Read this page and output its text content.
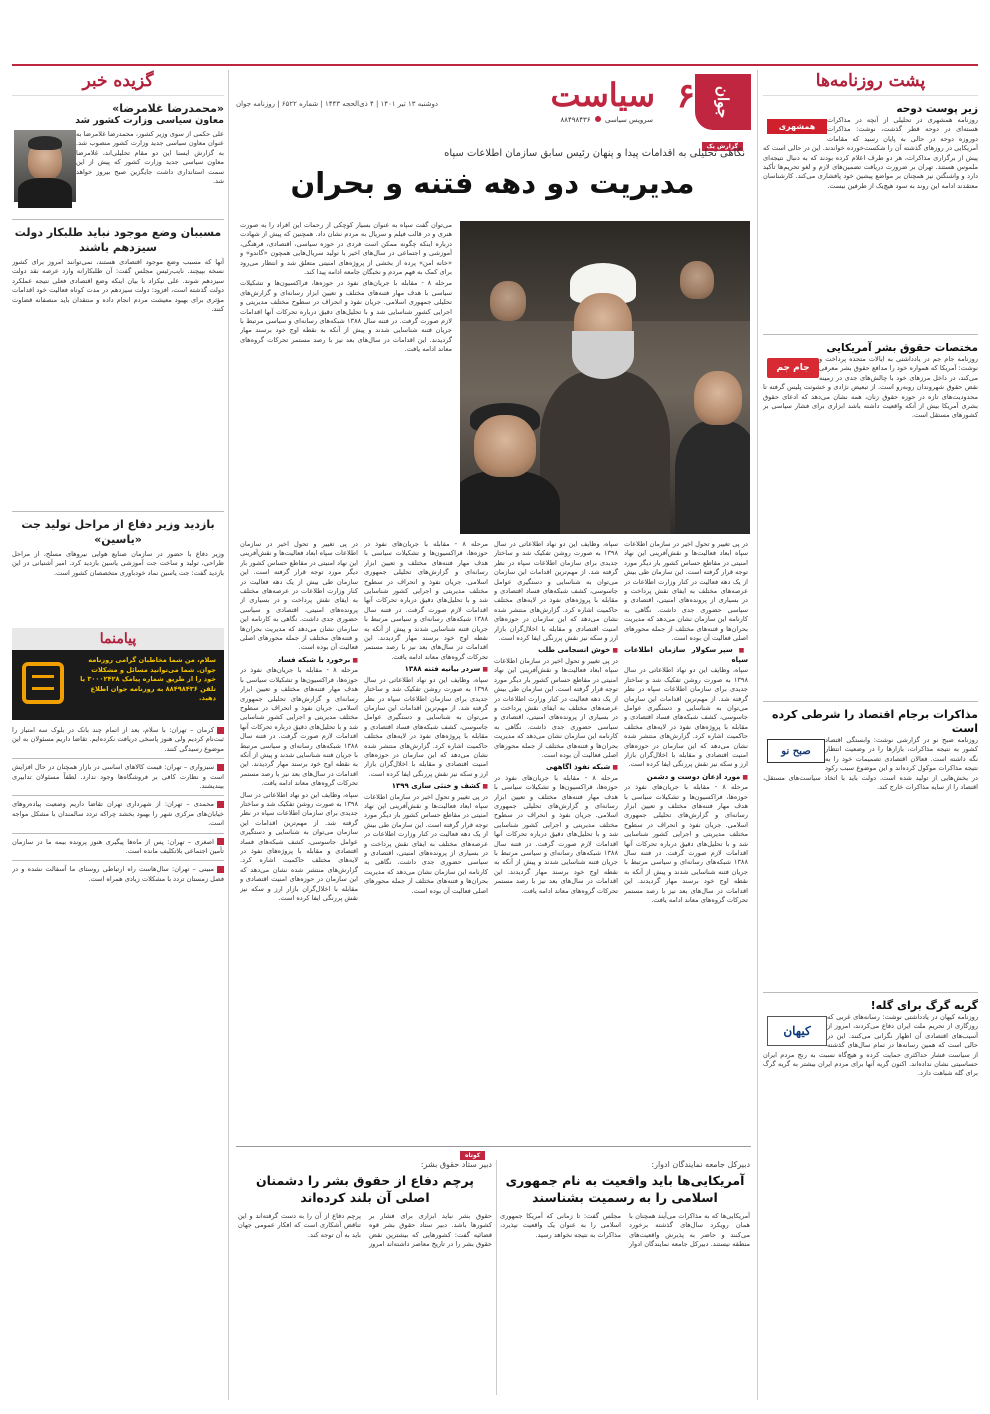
پشت روزنامه‌ها
زیر پوست دوحه
همشهری
روزنامه همشهری در تحلیلی از آنچه در مذاکرات هسته‌ای در دوحه قطر گذشت، نوشت: مذاکرات دوروزه دوحه در حالی به پایان رسید که مقامات آمریکایی در روزهای گذشته آن را شکست‌خورده خواندند. این در حالی است که پیش از برگزاری مذاکرات، هر دو طرف اعلام کرده بودند که به دنبال نتیجه‌ای ملموس هستند. تهران بر ضرورت دریافت تضمین‌های لازم و لغو تحریم‌ها تأکید دارد و واشنگتن نیز همچنان بر مواضع پیشین خود پافشاری می‌کند. کارشناسان معتقدند ادامه این روند به سود هیچ‌یک از طرفین نیست.
مختصات حقوق بشر آمریکایی
جام جم
روزنامه جام جم در یادداشتی به ایالات متحده پرداخت و نوشت: آمریکا که همواره خود را مدافع حقوق بشر معرفی می‌کند، در داخل مرزهای خود با چالش‌های جدی در زمینه نقض حقوق شهروندان روبه‌رو است. از تبعیض نژادی و خشونت پلیس گرفته تا محدودیت‌های تازه در حوزه حقوق زنان، همه نشان می‌دهد که ادعای حقوق بشری آمریکا بیش از آنکه واقعیت داشته باشد ابزاری برای فشار سیاسی بر کشورهای مستقل است.
مذاکرات برجام اقتصاد را شرطی کرده است
صبح نو
روزنامه صبح نو در گزارشی نوشت: وابستگی اقتصاد کشور به نتیجه مذاکرات، بازارها را در وضعیت انتظار نگه داشته است. فعالان اقتصادی تصمیمات خود را به نتیجه مذاکرات موکول کرده‌اند و این موضوع سبب رکود در بخش‌هایی از تولید شده است. دولت باید با اتخاذ سیاست‌های مستقل، اقتصاد را از سایه مذاکرات خارج کند.
گریه گرگ برای گله!
کیهان
روزنامه کیهان در یادداشتی نوشت: رسانه‌های غربی که روزگاری از تحریم ملت ایران دفاع می‌کردند، امروز از آسیب‌های اقتصادی آن اظهار نگرانی می‌کنند. این در حالی است که همین رسانه‌ها در تمام سال‌های گذشته از سیاست فشار حداکثری حمایت کرده و هیچ‌گاه نسبت به رنج مردم ایران حساسیتی نشان نداده‌اند. اکنون گریه آنها برای مردم ایران بیشتر به گریه گرگ برای گله شباهت دارد.
جوان
۶
سیاست
سرویس سیاسی  ۸۸۴۹۸۴۳۶
دوشنبه ۱۳ تیر ۱۴۰۱ | ۴ ذی‌الحجه ۱۴۴۳ | شماره ۶۵۲۲ | روزنامه جوان
گزارش یک
نگاهی تحلیلی به اقدامات پیدا و پنهان رئیس سابق سازمان اطلاعات سپاه
مدیریت دو دهه فتنه و بحران

می‌توان گفت سپاه به عنوان بسیار کوچکی از رحمات این افراد را به صورت هنری و در قالب فیلم و سریال به مردم نشان داد. همچنین که پیش از شهادت درباره اینکه چگونه ممکن است فردی در حوزه سیاسی، اقتصادی، فرهنگی، آموزشی و اجتماعی در سال‌های اخیر با تولید سریال‌هایی همچون «گاندو» و «خانه امن» پرده از بخشی از پروژه‌های امنیتی متعلق شد و انتظار می‌رود برای کمک به فهم مردم و نخبگان جامعه ادامه پیدا کند.

مرحله ۸ - مقابله با جریان‌های نفوذ در حوزه‌ها، فراکسیون‌ها و تشکیلات سیاسی با هدف مهار فتنه‌های مختلف و تعیین ابزار رسانه‌ای و گزارش‌های تحلیلی جمهوری اسلامی. جریان نفوذ و انحراف در سطوح مختلف مدیریتی و اجرایی کشور شناسایی شد و با تحلیل‌های دقیق درباره تحرکات آنها اقدامات لازم صورت گرفت. در فتنه سال ۱۳۸۸ شبکه‌های رسانه‌ای و سیاسی مرتبط با جریان فتنه شناسایی شدند و پیش از آنکه به نقطه اوج خود برسند مهار گردیدند. این اقدامات در سال‌های بعد نیز با رصد مستمر تحرکات گروه‌های معاند ادامه یافت.

در پی تغییر و تحول اخیر در سازمان اطلاعات سپاه ابعاد فعالیت‌ها و نقش‌آفرینی این نهاد امنیتی در مقاطع حساس کشور بار دیگر مورد توجه قرار گرفته است. این سازمان طی بیش از یک دهه فعالیت در کنار وزارت اطلاعات در عرصه‌های مختلف به ایفای نقش پرداخت و در بسیاری از پرونده‌های امنیتی، اقتصادی و سیاسی حضوری جدی داشت. نگاهی به کارنامه این سازمان نشان می‌دهد که مدیریت بحران‌ها و فتنه‌های مختلف از جمله محورهای اصلی فعالیت آن بوده است.

■ سپر سکولار سازمان اطلاعات سپاه

سپاه، وظایف این دو نهاد اطلاعاتی در سال ۱۳۹۸ به صورت روشن تفکیک شد و ساختار جدیدی برای سازمان اطلاعات سپاه در نظر گرفته شد. از مهم‌ترین اقدامات این سازمان می‌توان به شناسایی و دستگیری عوامل جاسوسی، کشف شبکه‌های فساد اقتصادی و مقابله با پروژه‌های نفوذ در لایه‌های مختلف حاکمیت اشاره کرد. گزارش‌های منتشر شده نشان می‌دهد که این سازمان در حوزه‌های امنیت اقتصادی و مقابله با اخلال‌گران بازار ارز و سکه نیز نقش پررنگی ایفا کرده است.

■ مورد اذعان دوست و دشمن

مرحله ۸ - مقابله با جریان‌های نفوذ در حوزه‌ها، فراکسیون‌ها و تشکیلات سیاسی با هدف مهار فتنه‌های مختلف و تعیین ابزار رسانه‌ای و گزارش‌های تحلیلی جمهوری اسلامی. جریان نفوذ و انحراف در سطوح مختلف مدیریتی و اجرایی کشور شناسایی شد و با تحلیل‌های دقیق درباره تحرکات آنها اقدامات لازم صورت گرفت. در فتنه سال ۱۳۸۸ شبکه‌های رسانه‌ای و سیاسی مرتبط با جریان فتنه شناسایی شدند و پیش از آنکه به نقطه اوج خود برسند مهار گردیدند. این اقدامات در سال‌های بعد نیز با رصد مستمر تحرکات گروه‌های معاند ادامه یافت.

سپاه، وظایف این دو نهاد اطلاعاتی در سال ۱۳۹۸ به صورت روشن تفکیک شد و ساختار جدیدی برای سازمان اطلاعات سپاه در نظر گرفته شد. از مهم‌ترین اقدامات این سازمان می‌توان به شناسایی و دستگیری عوامل جاسوسی، کشف شبکه‌های فساد اقتصادی و مقابله با پروژه‌های نفوذ در لایه‌های مختلف حاکمیت اشاره کرد. گزارش‌های منتشر شده نشان می‌دهد که این سازمان در حوزه‌های امنیت اقتصادی و مقابله با اخلال‌گران بازار ارز و سکه نیز نقش پررنگی ایفا کرده است.

■ خوش انسجامی طلب

در پی تغییر و تحول اخیر در سازمان اطلاعات سپاه ابعاد فعالیت‌ها و نقش‌آفرینی این نهاد امنیتی در مقاطع حساس کشور بار دیگر مورد توجه قرار گرفته است. این سازمان طی بیش از یک دهه فعالیت در کنار وزارت اطلاعات در عرصه‌های مختلف به ایفای نقش پرداخت و در بسیاری از پرونده‌های امنیتی، اقتصادی و سیاسی حضوری جدی داشت. نگاهی به کارنامه این سازمان نشان می‌دهد که مدیریت بحران‌ها و فتنه‌های مختلف از جمله محورهای اصلی فعالیت آن بوده است.

■ شبکه نفوذ اگاههی

مرحله ۸ - مقابله با جریان‌های نفوذ در حوزه‌ها، فراکسیون‌ها و تشکیلات سیاسی با هدف مهار فتنه‌های مختلف و تعیین ابزار رسانه‌ای و گزارش‌های تحلیلی جمهوری اسلامی. جریان نفوذ و انحراف در سطوح مختلف مدیریتی و اجرایی کشور شناسایی شد و با تحلیل‌های دقیق درباره تحرکات آنها اقدامات لازم صورت گرفت. در فتنه سال ۱۳۸۸ شبکه‌های رسانه‌ای و سیاسی مرتبط با جریان فتنه شناسایی شدند و پیش از آنکه به نقطه اوج خود برسند مهار گردیدند. این اقدامات در سال‌های بعد نیز با رصد مستمر تحرکات گروه‌های معاند ادامه یافت.

مرحله ۸ - مقابله با جریان‌های نفوذ در حوزه‌ها، فراکسیون‌ها و تشکیلات سیاسی با هدف مهار فتنه‌های مختلف و تعیین ابزار رسانه‌ای و گزارش‌های تحلیلی جمهوری اسلامی. جریان نفوذ و انحراف در سطوح مختلف مدیریتی و اجرایی کشور شناسایی شد و با تحلیل‌های دقیق درباره تحرکات آنها اقدامات لازم صورت گرفت. در فتنه سال ۱۳۸۸ شبکه‌های رسانه‌ای و سیاسی مرتبط با جریان فتنه شناسایی شدند و پیش از آنکه به نقطه اوج خود برسند مهار گردیدند. این اقدامات در سال‌های بعد نیز با رصد مستمر تحرکات گروه‌های معاند ادامه یافت.

■ سردر بیانیه فتنه ۱۳۸۸

سپاه، وظایف این دو نهاد اطلاعاتی در سال ۱۳۹۸ به صورت روشن تفکیک شد و ساختار جدیدی برای سازمان اطلاعات سپاه در نظر گرفته شد. از مهم‌ترین اقدامات این سازمان می‌توان به شناسایی و دستگیری عوامل جاسوسی، کشف شبکه‌های فساد اقتصادی و مقابله با پروژه‌های نفوذ در لایه‌های مختلف حاکمیت اشاره کرد. گزارش‌های منتشر شده نشان می‌دهد که این سازمان در حوزه‌های امنیت اقتصادی و مقابله با اخلال‌گران بازار ارز و سکه نیز نقش پررنگی ایفا کرده است.

■ کشف و خنثی سازی ۱۳۹۹

در پی تغییر و تحول اخیر در سازمان اطلاعات سپاه ابعاد فعالیت‌ها و نقش‌آفرینی این نهاد امنیتی در مقاطع حساس کشور بار دیگر مورد توجه قرار گرفته است. این سازمان طی بیش از یک دهه فعالیت در کنار وزارت اطلاعات در عرصه‌های مختلف به ایفای نقش پرداخت و در بسیاری از پرونده‌های امنیتی، اقتصادی و سیاسی حضوری جدی داشت. نگاهی به کارنامه این سازمان نشان می‌دهد که مدیریت بحران‌ها و فتنه‌های مختلف از جمله محورهای اصلی فعالیت آن بوده است.

در پی تغییر و تحول اخیر در سازمان اطلاعات سپاه ابعاد فعالیت‌ها و نقش‌آفرینی این نهاد امنیتی در مقاطع حساس کشور بار دیگر مورد توجه قرار گرفته است. این سازمان طی بیش از یک دهه فعالیت در کنار وزارت اطلاعات در عرصه‌های مختلف به ایفای نقش پرداخت و در بسیاری از پرونده‌های امنیتی، اقتصادی و سیاسی حضوری جدی داشت. نگاهی به کارنامه این سازمان نشان می‌دهد که مدیریت بحران‌ها و فتنه‌های مختلف از جمله محورهای اصلی فعالیت آن بوده است.

■ برخورد با شبکه فساد

مرحله ۸ - مقابله با جریان‌های نفوذ در حوزه‌ها، فراکسیون‌ها و تشکیلات سیاسی با هدف مهار فتنه‌های مختلف و تعیین ابزار رسانه‌ای و گزارش‌های تحلیلی جمهوری اسلامی. جریان نفوذ و انحراف در سطوح مختلف مدیریتی و اجرایی کشور شناسایی شد و با تحلیل‌های دقیق درباره تحرکات آنها اقدامات لازم صورت گرفت. در فتنه سال ۱۳۸۸ شبکه‌های رسانه‌ای و سیاسی مرتبط با جریان فتنه شناسایی شدند و پیش از آنکه به نقطه اوج خود برسند مهار گردیدند. این اقدامات در سال‌های بعد نیز با رصد مستمر تحرکات گروه‌های معاند ادامه یافت.

سپاه، وظایف این دو نهاد اطلاعاتی در سال ۱۳۹۸ به صورت روشن تفکیک شد و ساختار جدیدی برای سازمان اطلاعات سپاه در نظر گرفته شد. از مهم‌ترین اقدامات این سازمان می‌توان به شناسایی و دستگیری عوامل جاسوسی، کشف شبکه‌های فساد اقتصادی و مقابله با پروژه‌های نفوذ در لایه‌های مختلف حاکمیت اشاره کرد. گزارش‌های منتشر شده نشان می‌دهد که این سازمان در حوزه‌های امنیت اقتصادی و مقابله با اخلال‌گران بازار ارز و سکه نیز نقش پررنگی ایفا کرده است.

کوتاه
دبیرکل جامعه نمایندگان ادوار:
آمریکایی‌ها باید واقعیت به نام جمهوری اسلامی را به رسمیت بشناسند
آمریکایی‌ها که به مذاکرات می‌آیند همچنان با همان رویکرد سال‌های گذشته برخورد می‌کنند و حاضر به پذیرش واقعیت‌های منطقه نیستند. دبیرکل جامعه نمایندگان ادوار مجلس گفت: تا زمانی که آمریکا جمهوری اسلامی را به عنوان یک واقعیت نپذیرد، مذاکرات به نتیجه نخواهد رسید.
دبیر ستاد حقوق بشر:
پرچم دفاع از حقوق بشر را دشمنان اصلی آن بلند کرده‌اند
حقوق بشر نباید ابزاری برای فشار بر کشورها باشد. دبیر ستاد حقوق بشر قوه قضائیه گفت: کشورهایی که بیشترین نقض حقوق بشر را در تاریخ معاصر داشته‌اند امروز پرچم دفاع از آن را به دست گرفته‌اند و این تناقض آشکاری است که افکار عمومی جهان باید به آن توجه کند.
گزیده خبر
«محمدرضا غلامرضا»
معاون سیاسی وزارت کشور شد
علی حکمی از سوی وزیر کشور، محمدرضا غلامرضا به عنوان معاون سیاسی جدید وزارت کشور منصوب شد. به گزارش ایسنا این دو مقام تحلیلی‌اند، غلامرضا معاون سیاسی جدید وزارت کشور که پیش از این سمت استانداری داشت جایگزین صبح بیروز خواهد شد.
مسببان وضع موجود نباید طلبکار دولت سیزدهم باشند
آنها که مسبب وضع موجود اقتصادی هستند، نمی‌توانند امروز برای کشور نسخه بپیچند. نایب‌رئیس مجلس گفت: آن طلبکارانه وارد عرصه نقد دولت سیزدهم شوند. علی نیکزاد با بیان اینکه وضع اقتصادی فعلی نتیجه عملکرد دولت گذشته است، افزود: دولت سیزدهم در مدت کوتاه فعالیت خود اقدامات مؤثری برای بهبود معیشت مردم انجام داده و منتقدان باید منصفانه قضاوت کنند.
بازدید وزیر دفاع از مراحل تولید جت «یاسین»
وزیر دفاع با حضور در سازمان صنایع هوایی نیروهای مسلح، از مراحل طراحی، تولید و ساخت جت آموزشی یاسین بازدید کرد. امیر آشتیانی در این بازدید گفت: جت یاسین نماد خودباوری متخصصان کشور است.
پیامنما
سلام، من شما مخاطبان گرامی روزنامه جوان. شما می‌توانید مسائل و مشکلات خود را از طریق شماره پیامک ۳۰۰۰۲۴۲۸ یا تلفن ۸۸۴۹۸۴۳۶ به روزنامه جوان اطلاع دهید.

کرمان – تهران: با سلام، بعد از اتمام چند بانک در بلوک سه امتیاز را ثبت‌نام کردیم ولی هنوز پاسخی دریافت نکرده‌ایم. تقاضا داریم مسئولان به این موضوع رسیدگی کنند.

سبزواری – تهران: قیمت کالاهای اساسی در بازار همچنان در حال افزایش است و نظارت کافی بر فروشگاه‌ها وجود ندارد. لطفاً مسئولان تدابیری بیندیشند.

محمدی – تهران: از شهرداری تهران تقاضا داریم وضعیت پیاده‌روهای خیابان‌های مرکزی شهر را بهبود بخشد چراکه تردد سالمندان با مشکل مواجه است.

اصغری – تهران: پس از ماه‌ها پیگیری هنوز پرونده بیمه ما در سازمان تأمین اجتماعی بلاتکلیف مانده است.

مبینی – تهران: سال‌هاست راه ارتباطی روستای ما آسفالت نشده و در فصل زمستان تردد با مشکلات زیادی همراه است.
